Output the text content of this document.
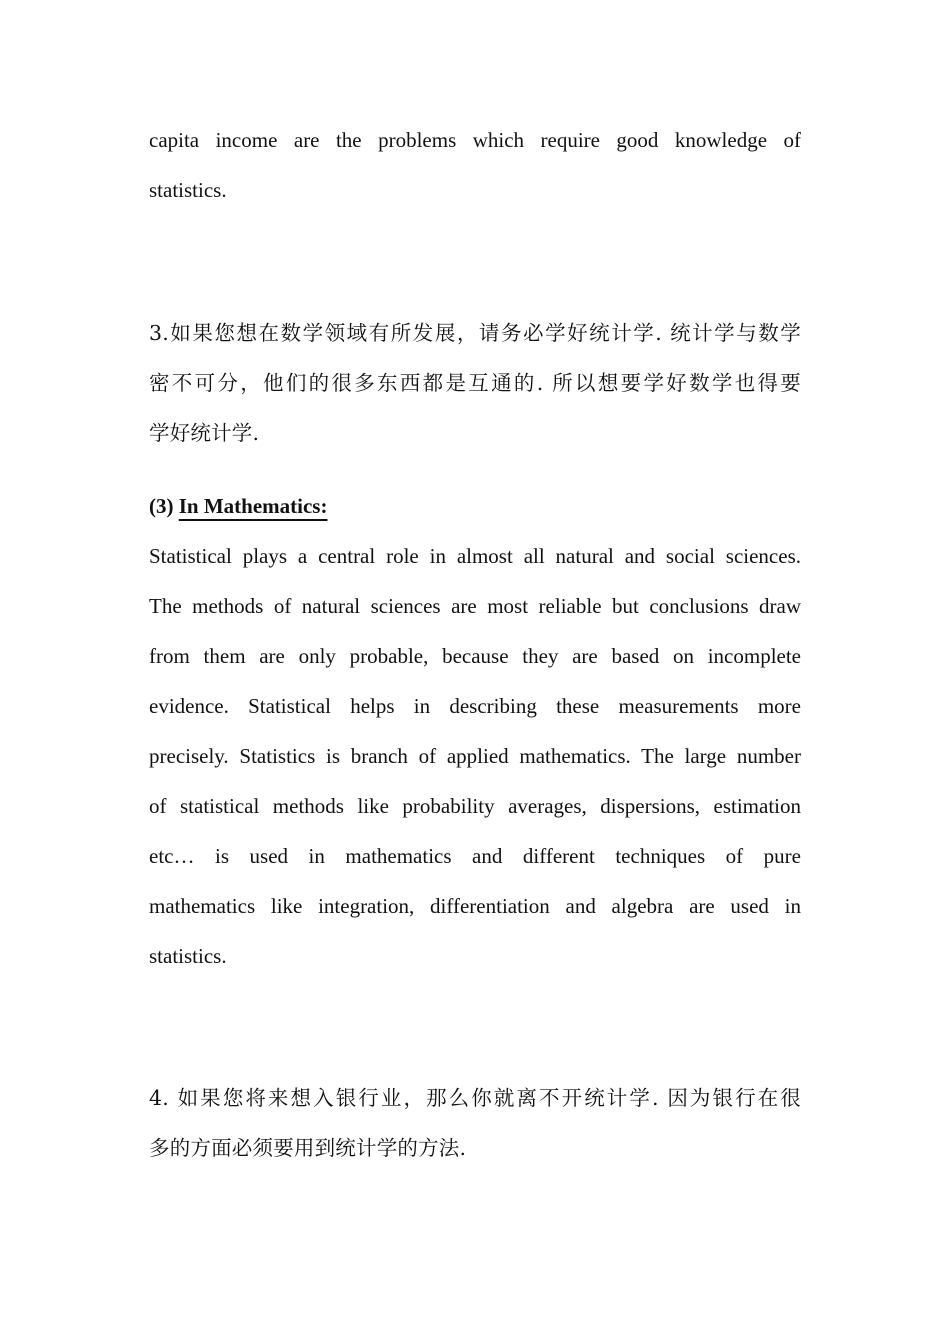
capita income are the problems which require good knowledge of
statistics.
3.如果您想在数学领域有所发展，请务必学好统计学. 统计学与数学
密不可分，他们的很多东西都是互通的. 所以想要学好数学也得要
学好统计学.
(3) In Mathematics:
Statistical plays a central role in almost all natural and social sciences.
The methods of natural sciences are most reliable but conclusions draw
from them are only probable, because they are based on incomplete
evidence. Statistical helps in describing these measurements more
precisely. Statistics is branch of applied mathematics. The large number
of statistical methods like probability averages, dispersions, estimation
etc… is used in mathematics and different techniques of pure
mathematics like integration, differentiation and algebra are used in
statistics.
4. 如果您将来想入银行业，那么你就离不开统计学. 因为银行在很
多的方面必须要用到统计学的方法.
